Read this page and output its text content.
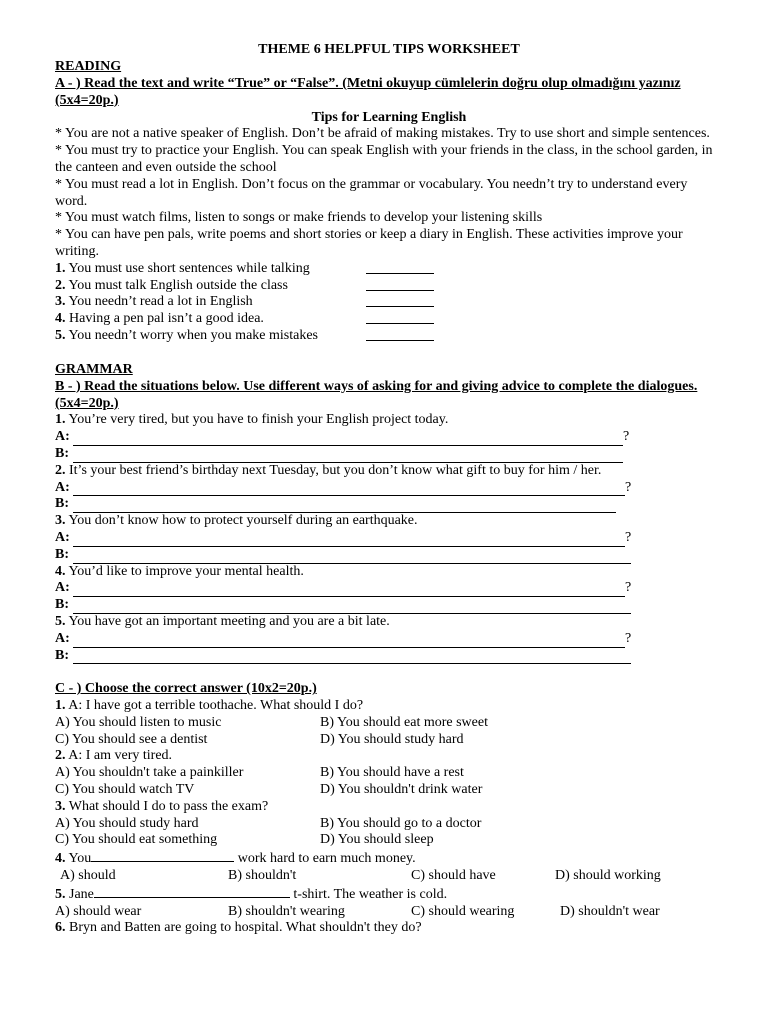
THEME 6 HELPFUL TIPS WORKSHEET
READING
A - ) Read the text and write “True” or “False”. (Metni okuyup cümlelerin doğru olup olmadığını yazınız (5x4=20p.)
Tips for Learning English
* You are not a native speaker of English. Don’t be afraid of making mistakes. Try to use short and simple sentences.
* You must try to practice your English. You can speak English with your friends in the class, in the school garden, in the canteen and even outside the school
* You must read a lot in English. Don’t focus on the grammar or vocabulary. You needn’t try to understand every word.
* You must watch films, listen to songs or make friends to develop your listening skills
* You can have pen pals, write poems and short stories or keep a diary in English. These activities improve your writing.
1. You must use short sentences while talking
2. You must talk English outside the class
3. You needn’t read a lot in English
4. Having a pen pal isn’t a good idea.
5. You needn’t worry when you make mistakes
GRAMMAR
B - ) Read the situations below. Use different ways of asking for and giving advice to complete the dialogues. (5x4=20p.)
1. You’re very tired, but you have to finish your English project today.
A:	?
B:
2. It’s your best friend’s birthday next Tuesday, but you don’t know what gift to buy for him / her.
A:	?
B:
3. You don’t know how to protect yourself during an earthquake.
A:	?
B:
4. You’d like to improve your mental health.
A:	?
B:
5. You have got an important meeting and you are a bit late.
A:	?
B:
C - ) Choose the correct answer (10x2=20p.)
1. A: I have got a terrible toothache. What should I do?
A) You should listen to music	B) You should eat more sweet
C) You should see a dentist	D) You should study hard
2. A: I am very tired.
A) You shouldn't take a painkiller	B) You should have a rest
C) You should watch TV	D) You shouldn't drink water
3. What should I do to pass the exam?
A) You should study hard	B) You should go to a doctor
C) You should eat something	D) You should sleep
4. You	work hard to earn much money.
A) should	B) shouldn't	C) should have	D) should working
5. Jane	t-shirt. The weather is cold.
A) should wear	B) shouldn't wearing	C) should wearing	D) shouldn't wear
6. Bryn and Batten are going to hospital. What shouldn't they do?
